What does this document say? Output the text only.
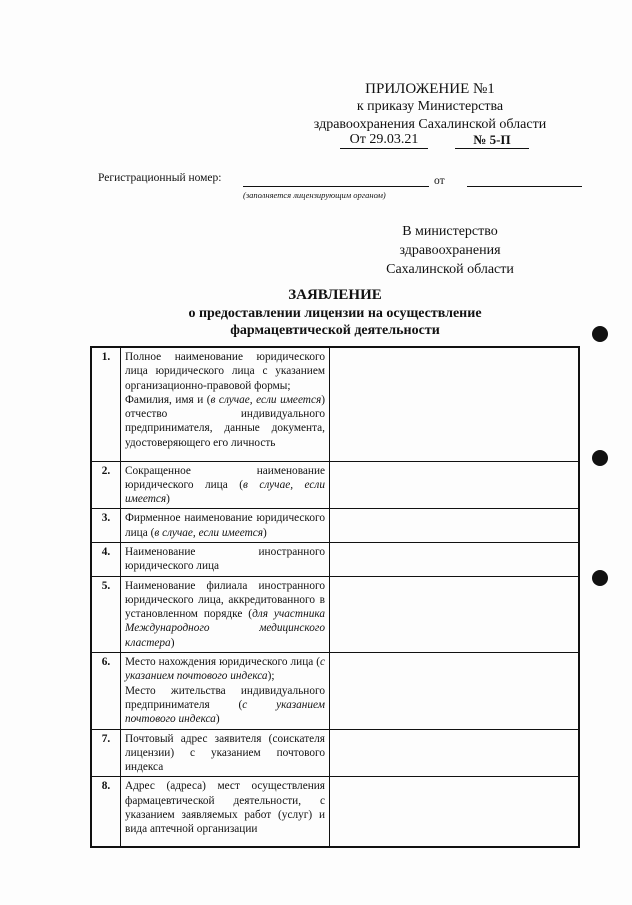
ПРИЛОЖЕНИЕ №1
к приказу Министерства
здравоохранения Сахалинской области
От 29.03.21	№ 5-П
Регистрационный номер:	от
(заполняется лицензирующим органом)
В министерство
здравоохранения
Сахалинской области
ЗАЯВЛЕНИЕ
о предоставлении лицензии на осуществление
фармацевтической деятельности
1.	Полное наименование юридического лица юридического лица с указанием организационно-правовой формы;
Фамилия, имя и (в случае, если имеется) отчество индивидуального предпринимателя, данные документа, удостоверяющего его личность	
2.	Сокращенное наименование юридического лица (в случае, если имеется)	
3.	Фирменное наименование юридического лица (в случае, если имеется)	
4.	Наименование иностранного юридического лица	
5.	Наименование филиала иностранного юридического лица, аккредитованного в установленном порядке (для участника Международного медицинского кластера)	
6.	Место нахождения юридического лица (с указанием почтового индекса);
Место жительства индивидуального предпринимателя (с указанием почтового индекса)	
7.	Почтовый адрес заявителя (соискателя лицензии) с указанием почтового индекса	
8.	Адрес (адреса) мест осуществления фармацевтической деятельности, с указанием заявляемых работ (услуг) и вида аптечной организации	
